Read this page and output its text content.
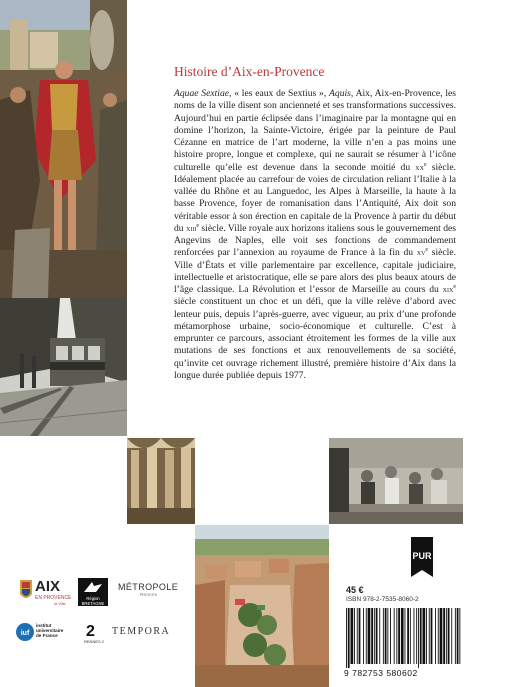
Histoire d’Aix-en-Provence

Aquae Sextiae, « les eaux de Sextius », Aquis, Aix, Aix-en-Provence, les noms de la ville disent son ancienneté et ses transformations successives. Aujourd’hui en partie éclipsée dans l’imaginaire par la montagne qui en domine l’horizon, la Sainte-Victoire, érigée par la peinture de Paul Cézanne en matrice de l’art moderne, la ville n’en a pas moins une histoire propre, longue et complexe, qui ne saurait se résumer à l’icône culturelle qu’elle est devenue dans la seconde moitié du $xx^e$ siècle. Idéalement placée au carrefour de voies de circulation reliant l’Italie à la vallée du Rhône et au Languedoc, les Alpes à Marseille, la haute à la basse Provence, foyer de romanisation dans l’Antiquité, Aix doit son véritable essor à son érection en capitale de la Provence à partir du début du xiii$^e$ siècle. Ville royale aux horizons italiens sous le gouvernement des Angevins de Naples, elle voit ses fonctions de commandement renforcées par l’annexion au royaume de France à la fin du $xv^e$ siècle. Ville d’États et ville parlementaire par excellence, capitale judiciaire, intellectuelle et aristocratique, elle se pare alors des plus beaux atours de l’âge classique. La Révolution et l’essor de Marseille au cours du xix$^e$ siècle constituent un choc et un défi, que la ville relève d’abord avec lenteur puis, depuis l’après-guerre, avec vigueur, au prix d’une profonde métamorphose urbaine, socio-économique et culturelle. C’est à emprunter ce parcours, associant étroitement les formes de la ville aux mutations de ses fonctions et aux renouvellements de sa société, qu’invite cet ouvrage richement illustré, première histoire d’Aix dans la longue durée publiée depuis 1977.

PUR
45 €
ISBN 978-2-7535-8060-2
9 782753 580602
AIX
EN PROVENCE
la Ville
Région
BRETAGNE
MÉTROPOLE
Rennes
iuf
institut
universitaire
de France	2
RENNES 2
TEMPORA
